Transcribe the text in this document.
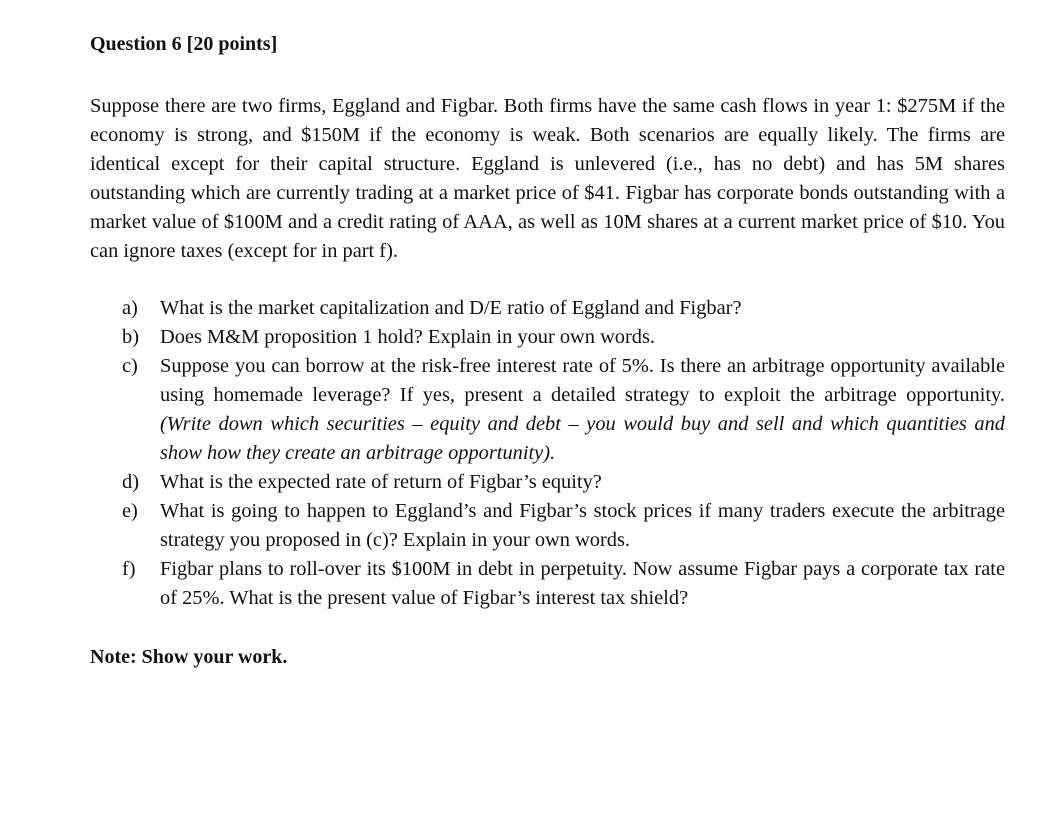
Question 6 [20 points]

Suppose there are two firms, Eggland and Figbar. Both firms have the same cash flows in year 1: $275M if the economy is strong, and $150M if the economy is weak. Both scenarios are equally likely. The firms are identical except for their capital structure. Eggland is unlevered (i.e., has no debt) and has 5M shares outstanding which are currently trading at a market price of $41. Figbar has corporate bonds outstanding with a market value of $100M and a credit rating of AAA, as well as 10M shares at a current market price of $10. You can ignore taxes (except for in part f).

a) What is the market capitalization and D/E ratio of Eggland and Figbar?
b) Does M&M proposition 1 hold? Explain in your own words.
c) Suppose you can borrow at the risk-free interest rate of 5%. Is there an arbitrage opportunity available using homemade leverage? If yes, present a detailed strategy to exploit the arbitrage opportunity. (Write down which securities – equity and debt – you would buy and sell and which quantities and show how they create an arbitrage opportunity).
d) What is the expected rate of return of Figbar’s equity?
e) What is going to happen to Eggland’s and Figbar’s stock prices if many traders execute the arbitrage strategy you proposed in (c)? Explain in your own words.
f) Figbar plans to roll-over its $100M in debt in perpetuity. Now assume Figbar pays a corporate tax rate of 25%. What is the present value of Figbar’s interest tax shield?

Note: Show your work.
